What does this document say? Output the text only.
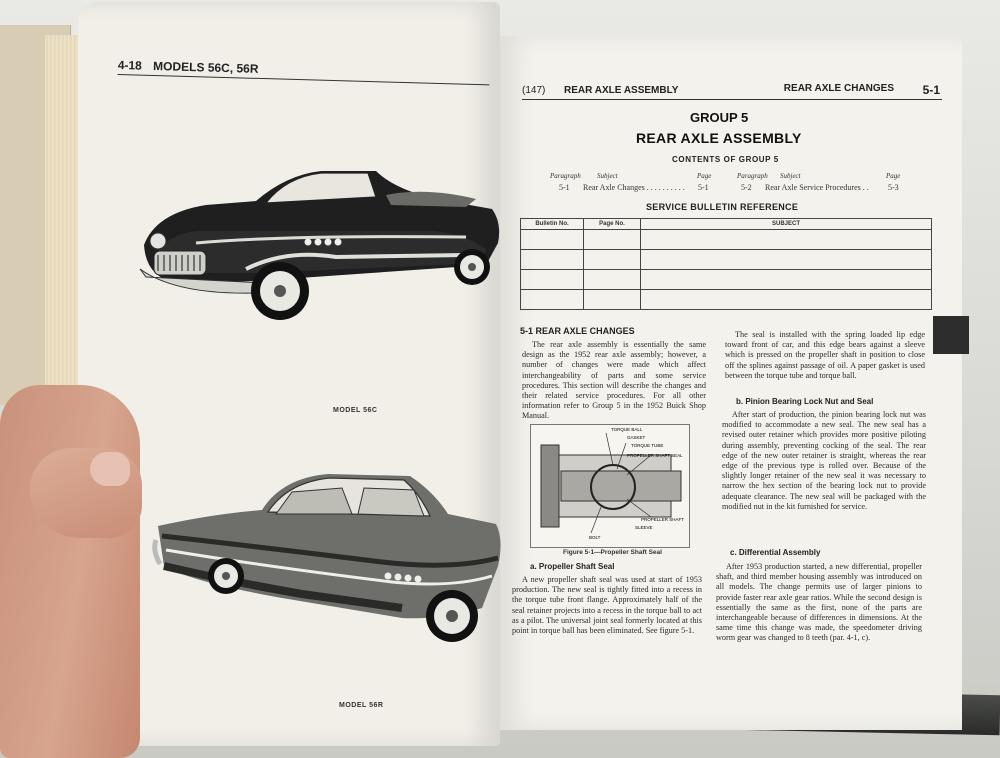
4-18 MODELS 56C, 56R
MODEL 56C
MODEL 56R
(147) REAR AXLE ASSEMBLY	REAR AXLE CHANGES 5-1
GROUP 5
REAR AXLE ASSEMBLY
CONTENTS OF GROUP 5
Paragraph Subject	Page	Paragraph Subject	Page
5-1 Rear Axle Changes . . . . . . . . . . 5-1	5-2 Rear Axle Service Procedures . . 5-3
SERVICE BULLETIN REFERENCE
Bulletin No.	Page No.	SUBJECT

5-1 REAR AXLE CHANGES
The rear axle assembly is essentially the same design as the 1952 rear axle assembly; however, a number of changes were made which affect interchangeability of parts and some service procedures. This section will describe the changes and their related service procedures. For all other information refer to Group 5 in the 1952 Buick Shop Manual.
TORQUE BALL
GASKET
TORQUE TUBE
PROPELLER SHAFT SEAL
PROPELLER SHAFT
SLEEVE
BOLT
Figure 5-1—Propeller Shaft Seal
a. Propeller Shaft Seal
A new propeller shaft seal was used at start of 1953 production. The new seal is tightly fitted into a recess in the torque tube front flange. Approximately half of the seal retainer projects into a recess in the torque ball to act as a pilot. The universal joint seal formerly located at this point in torque ball has been eliminated. See figure 5-1.
The seal is installed with the spring loaded lip edge toward front of car, and this edge bears against a sleeve which is pressed on the propeller shaft in position to close off the splines against passage of oil. A paper gasket is used between the torque tube and torque ball.
b. Pinion Bearing Lock Nut and Seal
After start of production, the pinion bearing lock nut was modified to accommodate a new seal. The new seal has a revised outer retainer which provides more positive piloting during assembly, preventing cocking of the seal. The rear edge of the new outer retainer is straight, whereas the rear edge of the previous type is rolled over. Because of the slightly longer retainer of the new seal it was necessary to narrow the hex section of the bearing lock nut to provide adequate clearance. The new seal will be packaged with the modified nut in the kit furnished for service.
c. Differential Assembly
After 1953 production started, a new differential, propeller shaft, and third member housing assembly was introduced on all models. The change permits use of larger pinions to provide faster rear axle gear ratios. While the second design is essentially the same as the first, none of the parts are interchangeable because of differences in dimensions. At the same time this change was made, the speedometer driving worm gear was changed to 8 teeth (par. 4-1, c).
